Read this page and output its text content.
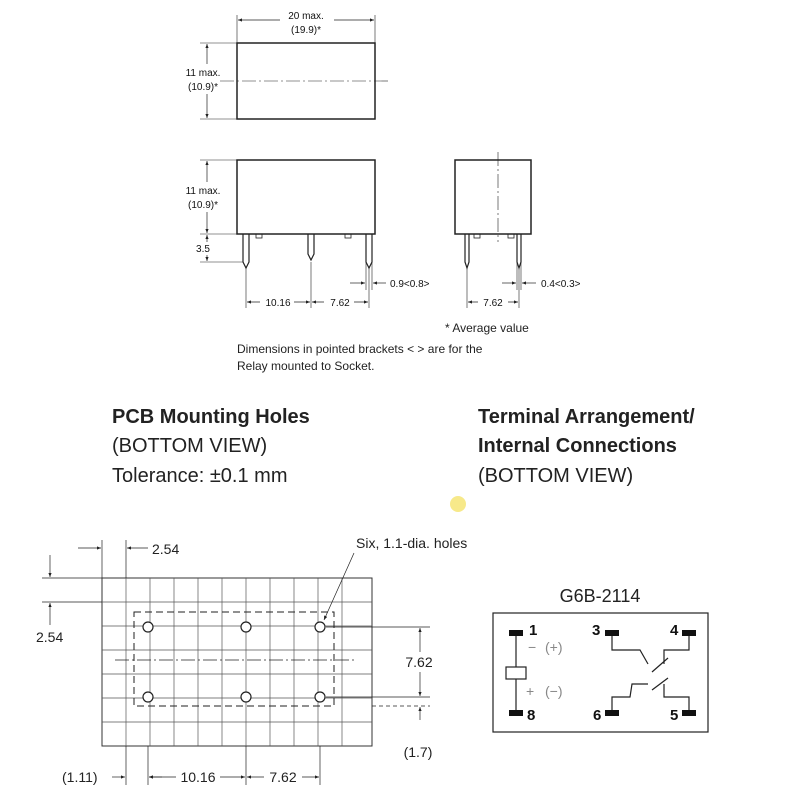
20 max.
(19.9)*
11 max.
(10.9)*
11 max.
(10.9)*
3.5
10.16	7.62
0.9<0.8>
7.62
0.4<0.3>
* Average value
Dimensions in pointed brackets < > are for the
Relay mounted to Socket.
PCB Mounting Holes
(BOTTOM VIEW)
Tolerance: ±0.1 mm
Terminal Arrangement/
Internal Connections
(BOTTOM VIEW)
2.54
2.54
Six, 1.1-dia. holes
7.62
(1.7)
(1.11)	10.16	7.62
G6B-2114
1
8
3	4
6	5
− (+)
+ (−)
